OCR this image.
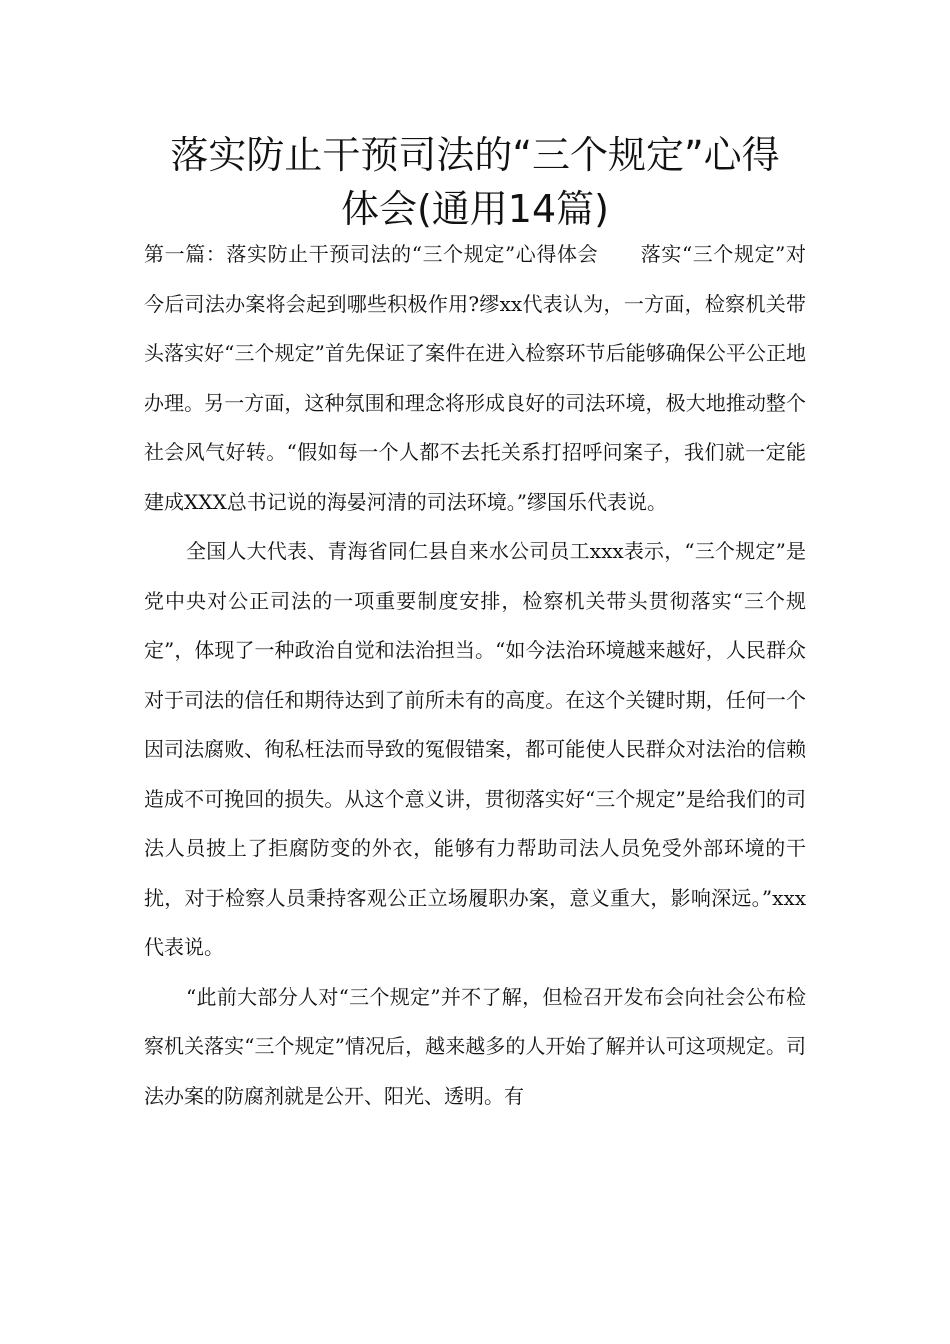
落实防止干预司法的“三个规定”心得
体会(通用14篇)

第一篇：落实防止干预司法的“三个规定”心得体会 落实“三个规定”对今后司法办案将会起到哪些积极作用?缪xx代表认为，一方面，检察机关带头落实好“三个规定”首先保证了案件在进入检察环节后能够确保公平公正地办理。另一方面，这种氛围和理念将形成良好的司法环境，极大地推动整个社会风气好转。“假如每一个人都不去托关系打招呼问案子，我们就一定能建成XXX总书记说的海晏河清的司法环境。”缪国乐代表说。

全国人大代表、青海省同仁县自来水公司员工xxx表示，“三个规定”是党中央对公正司法的一项重要制度安排，检察机关带头贯彻落实“三个规定”，体现了一种政治自觉和法治担当。“如今法治环境越来越好，人民群众对于司法的信任和期待达到了前所未有的高度。在这个关键时期，任何一个因司法腐败、徇私枉法而导致的冤假错案，都可能使人民群众对法治的信赖造成不可挽回的损失。从这个意义讲，贯彻落实好“三个规定”是给我们的司法人员披上了拒腐防变的外衣，能够有力帮助司法人员免受外部环境的干扰，对于检察人员秉持客观公正立场履职办案，意义重大，影响深远。”xxx代表说。

“此前大部分人对“三个规定”并不了解，但检召开发布会向社会公布检察机关落实“三个规定”情况后，越来越多的人开始了解并认可这项规定。司法办案的防腐剂就是公开、阳光、透明。有
